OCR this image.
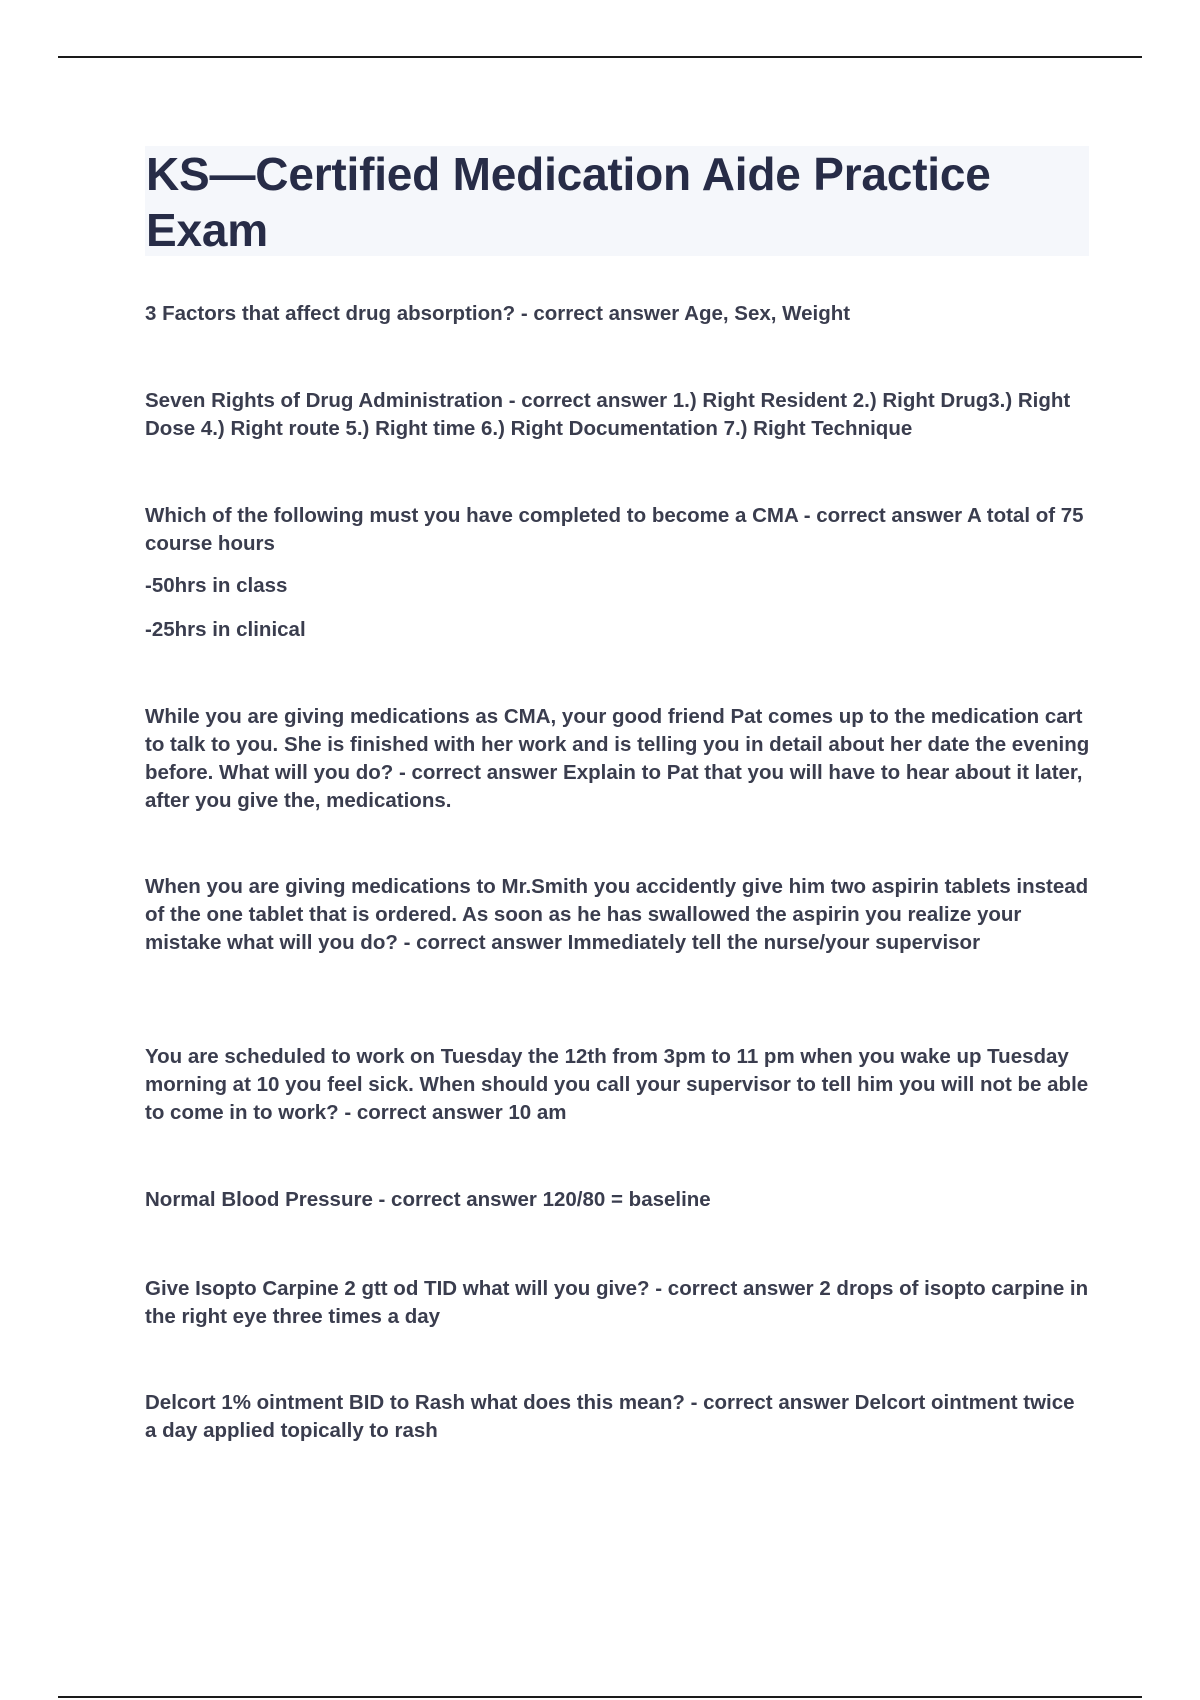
KS—Certified Medication Aide Practice Exam

3 Factors that affect drug absorption? - correct answer Age, Sex, Weight

Seven Rights of Drug Administration - correct answer 1.) Right Resident 2.) Right Drug3.) Right Dose 4.) Right route 5.) Right time 6.) Right Documentation 7.) Right Technique

Which of the following must you have completed to become a CMA - correct answer A total of 75 course hours

-50hrs in class

-25hrs in clinical

While you are giving medications as CMA, your good friend Pat comes up to the medication cart to talk to you. She is finished with her work and is telling you in detail about her date the evening before. What will you do? - correct answer Explain to Pat that you will have to hear about it later, after you give the, medications.

When you are giving medications to Mr.Smith you accidently give him two aspirin tablets instead of the one tablet that is ordered. As soon as he has swallowed the aspirin you realize your mistake what will you do? - correct answer Immediately tell the nurse/your supervisor

You are scheduled to work on Tuesday the 12th from 3pm to 11 pm when you wake up Tuesday morning at 10 you feel sick. When should you call your supervisor to tell him you will not be able to come in to work? - correct answer 10 am

Normal Blood Pressure - correct answer 120/80 = baseline

Give Isopto Carpine 2 gtt od TID what will you give? - correct answer 2 drops of isopto carpine in the right eye three times a day

Delcort 1% ointment BID to Rash what does this mean? - correct answer Delcort ointment twice a day applied topically to rash
